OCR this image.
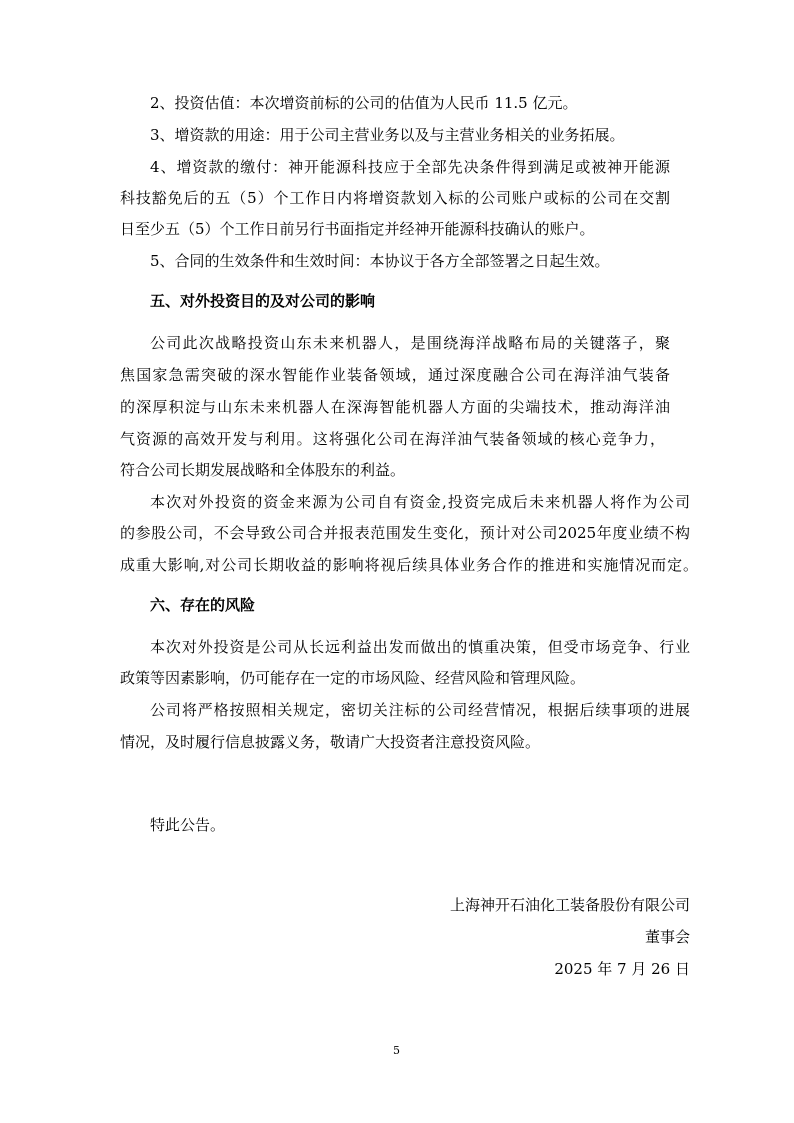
2、投资估值：本次增资前标的公司的估值为人民币 11.5 亿元。
3、增资款的用途：用于公司主营业务以及与主营业务相关的业务拓展。
4、增资款的缴付：神开能源科技应于全部先决条件得到满足或被神开能源
科技豁免后的五（5）个工作日内将增资款划入标的公司账户或标的公司在交割
日至少五（5）个工作日前另行书面指定并经神开能源科技确认的账户。
5、合同的生效条件和生效时间：本协议于各方全部签署之日起生效。
五、对外投资目的及对公司的影响
公司此次战略投资山东未来机器人，是围绕海洋战略布局的关键落子，聚
焦国家急需突破的深水智能作业装备领域，通过深度融合公司在海洋油气装备
的深厚积淀与山东未来机器人在深海智能机器人方面的尖端技术，推动海洋油
气资源的高效开发与利用。这将强化公司在海洋油气装备领域的核心竞争力，
符合公司长期发展战略和全体股东的利益。
本次对外投资的资金来源为公司自有资金,投资完成后未来机器人将作为公司
的参股公司，不会导致公司合并报表范围发生变化，预计对公司2025年度业绩不构
成重大影响,对公司长期收益的影响将视后续具体业务合作的推进和实施情况而定。
六、存在的风险
本次对外投资是公司从长远利益出发而做出的慎重决策，但受市场竞争、行业
政策等因素影响，仍可能存在一定的市场风险、经营风险和管理风险。
公司将严格按照相关规定，密切关注标的公司经营情况，根据后续事项的进展
情况，及时履行信息披露义务，敬请广大投资者注意投资风险。
特此公告。
上海神开石油化工装备股份有限公司
董事会
2025 年 7 月 26 日
5
